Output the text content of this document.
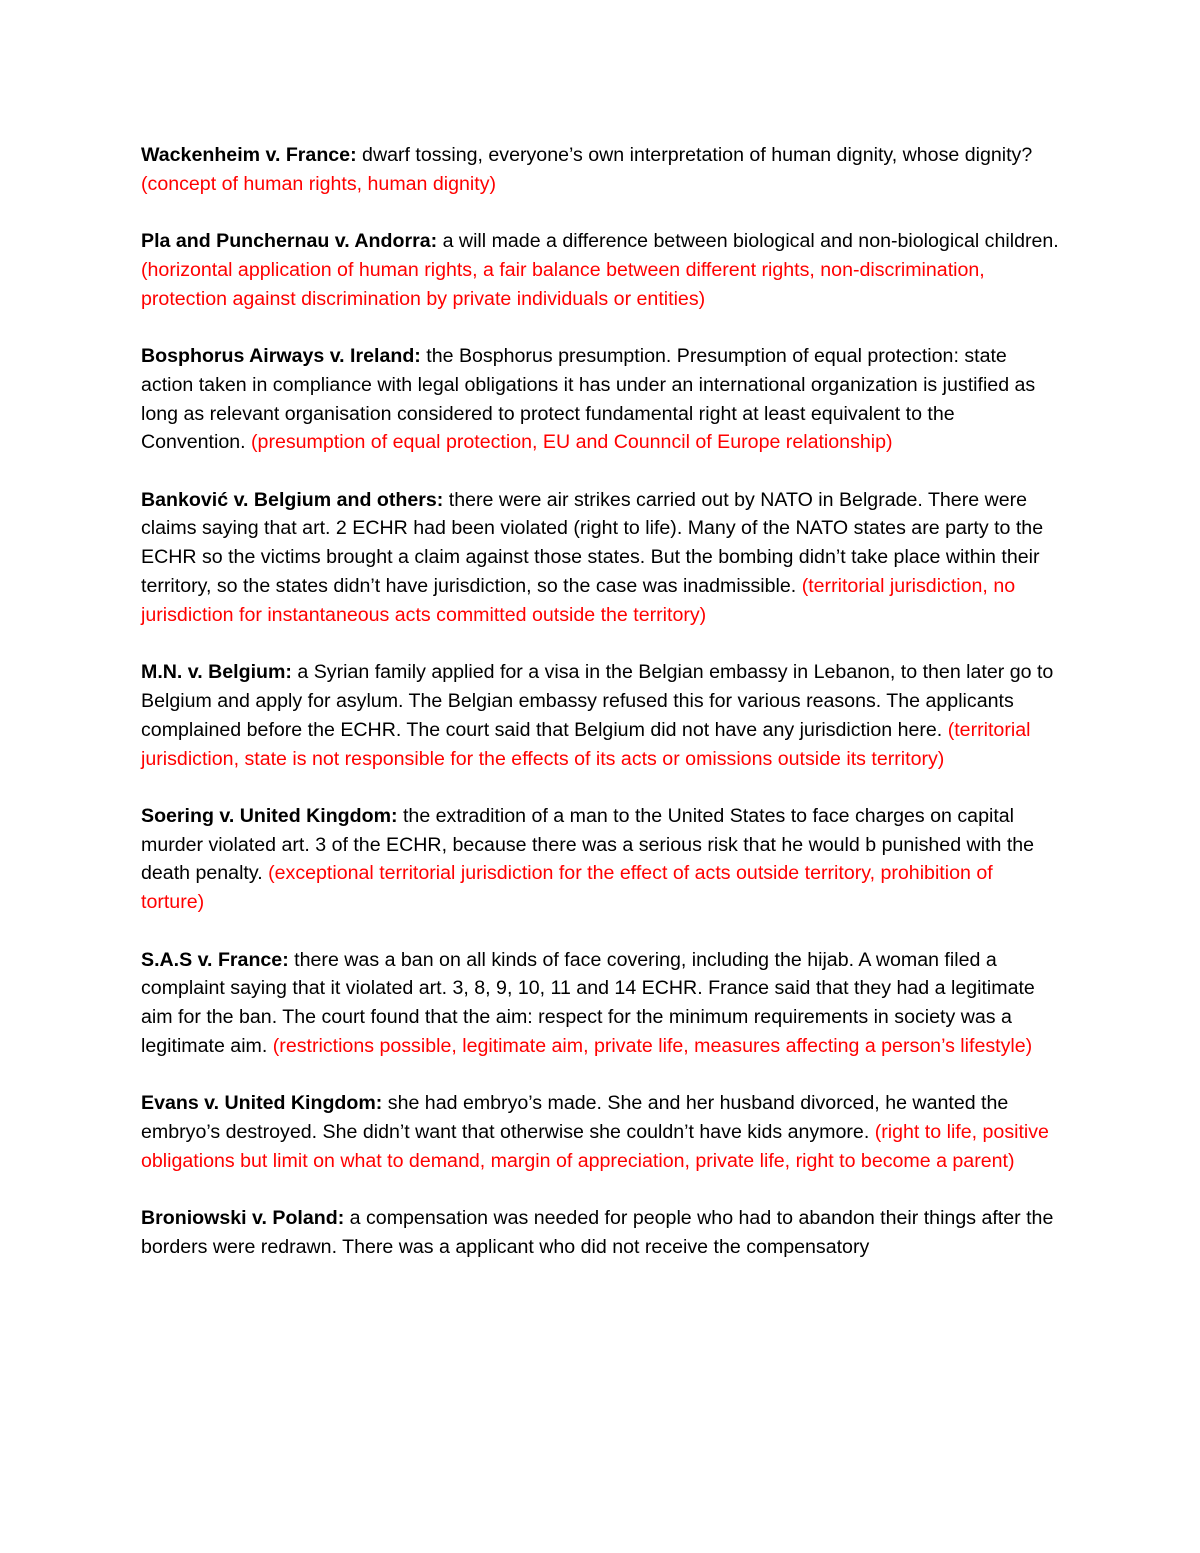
Wackenheim v. France: dwarf tossing, everyone’s own interpretation of human dignity, whose dignity? (concept of human rights, human dignity)

Pla and Punchernau v. Andorra: a will made a difference between biological and non-biological children. (horizontal application of human rights, a fair balance between different rights, non-discrimination, protection against discrimination by private individuals or entities)

Bosphorus Airways v. Ireland: the Bosphorus presumption. Presumption of equal protection: state action taken in compliance with legal obligations it has under an international organization is justified as long as relevant organisation considered to protect fundamental right at least equivalent to the Convention. (presumption of equal protection, EU and Counncil of Europe relationship)

Banković v. Belgium and others: there were air strikes carried out by NATO in Belgrade. There were claims saying that art. 2 ECHR had been violated (right to life). Many of the NATO states are party to the ECHR so the victims brought a claim against those states. But the bombing didn’t take place within their territory, so the states didn’t have jurisdiction, so the case was inadmissible. (territorial jurisdiction, no jurisdiction for instantaneous acts committed outside the territory)

M.N. v. Belgium: a Syrian family applied for a visa in the Belgian embassy in Lebanon, to then later go to Belgium and apply for asylum. The Belgian embassy refused this for various reasons. The applicants complained before the ECHR. The court said that Belgium did not have any jurisdiction here. (territorial jurisdiction, state is not responsible for the effects of its acts or omissions outside its territory)

Soering v. United Kingdom: the extradition of a man to the United States to face charges on capital murder violated art. 3 of the ECHR, because there was a serious risk that he would b punished with the death penalty. (exceptional territorial jurisdiction for the effect of acts outside territory, prohibition of torture)

S.A.S v. France: there was a ban on all kinds of face covering, including the hijab. A woman filed a complaint saying that it violated art. 3, 8, 9, 10, 11 and 14 ECHR. France said that they had a legitimate aim for the ban. The court found that the aim: respect for the minimum requirements in society was a legitimate aim. (restrictions possible, legitimate aim, private life, measures affecting a person’s lifestyle)

Evans v. United Kingdom: she had embryo’s made. She and her husband divorced, he wanted the embryo’s destroyed. She didn’t want that otherwise she couldn’t have kids anymore. (right to life, positive obligations but limit on what to demand, margin of appreciation, private life, right to become a parent)

Broniowski v. Poland: a compensation was needed for people who had to abandon their things after the borders were redrawn. There was a applicant who did not receive the compensatory
